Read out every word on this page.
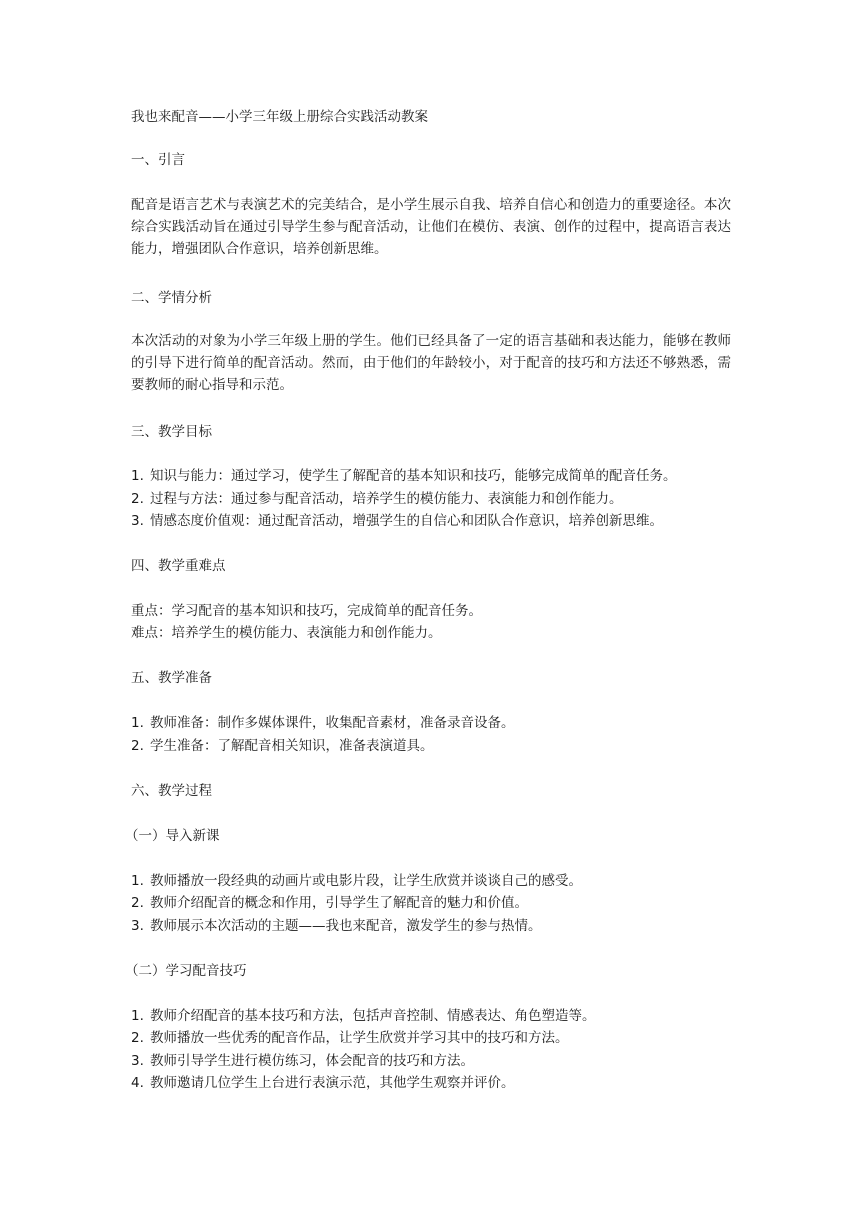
我也来配音——小学三年级上册综合实践活动教案
一、引言
配音是语言艺术与表演艺术的完美结合，是小学生展示自我、培养自信心和创造力的重要途径。本次综合实践活动旨在通过引导学生参与配音活动，让他们在模仿、表演、创作的过程中，提高语言表达能力，增强团队合作意识，培养创新思维。
二、学情分析
本次活动的对象为小学三年级上册的学生。他们已经具备了一定的语言基础和表达能力，能够在教师的引导下进行简单的配音活动。然而，由于他们的年龄较小，对于配音的技巧和方法还不够熟悉，需要教师的耐心指导和示范。
三、教学目标
1. 知识与能力：通过学习，使学生了解配音的基本知识和技巧，能够完成简单的配音任务。
2. 过程与方法：通过参与配音活动，培养学生的模仿能力、表演能力和创作能力。
3. 情感态度价值观：通过配音活动，增强学生的自信心和团队合作意识，培养创新思维。
四、教学重难点
重点：学习配音的基本知识和技巧，完成简单的配音任务。
难点：培养学生的模仿能力、表演能力和创作能力。
五、教学准备
1. 教师准备：制作多媒体课件，收集配音素材，准备录音设备。
2. 学生准备：了解配音相关知识，准备表演道具。
六、教学过程
（一）导入新课
1. 教师播放一段经典的动画片或电影片段，让学生欣赏并谈谈自己的感受。
2. 教师介绍配音的概念和作用，引导学生了解配音的魅力和价值。
3. 教师展示本次活动的主题——我也来配音，激发学生的参与热情。
（二）学习配音技巧
1. 教师介绍配音的基本技巧和方法，包括声音控制、情感表达、角色塑造等。
2. 教师播放一些优秀的配音作品，让学生欣赏并学习其中的技巧和方法。
3. 教师引导学生进行模仿练习，体会配音的技巧和方法。
4. 教师邀请几位学生上台进行表演示范，其他学生观察并评价。
